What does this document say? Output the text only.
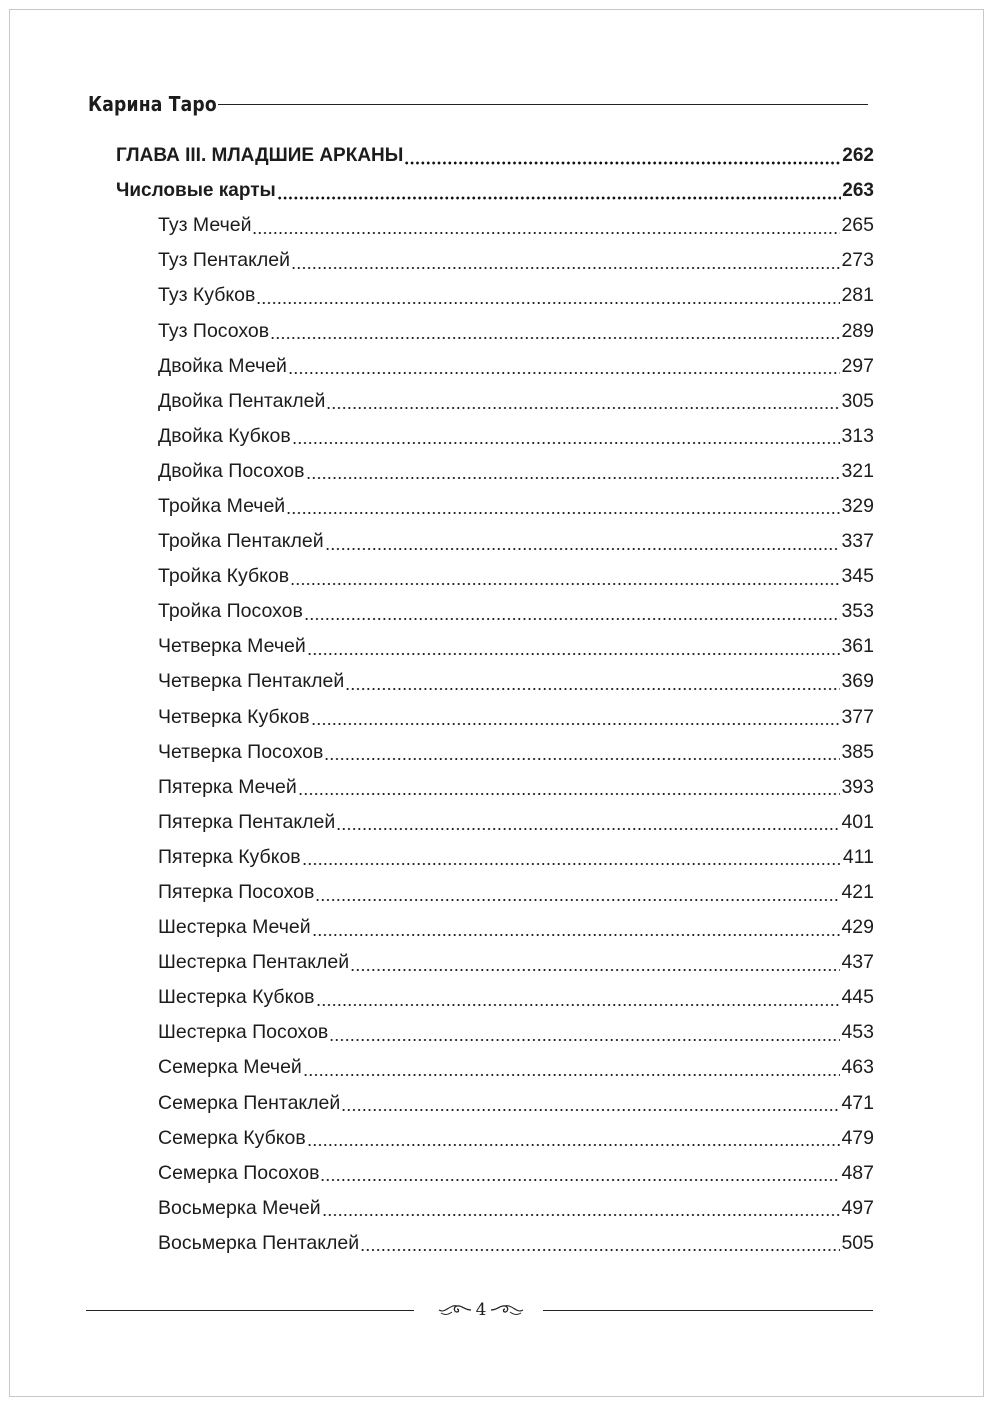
Карина Таро
ГЛАВА III. МЛАДШИЕ АРКАНЫ	262
Числовые карты	263
Туз Мечей	265
Туз Пентаклей	273
Туз Кубков	281
Туз Посохов	289
Двойка Мечей	297
Двойка Пентаклей	305
Двойка Кубков	313
Двойка Посохов	321
Тройка Мечей	329
Тройка Пентаклей	337
Тройка Кубков	345
Тройка Посохов	353
Четверка Мечей	361
Четверка Пентаклей	369
Четверка Кубков	377
Четверка Посохов	385
Пятерка Мечей	393
Пятерка Пентаклей	401
Пятерка Кубков	411
Пятерка Посохов	421
Шестерка Мечей	429
Шестерка Пентаклей	437
Шестерка Кубков	445
Шестерка Посохов	453
Семерка Мечей	463
Семерка Пентаклей	471
Семерка Кубков	479
Семерка Посохов	487
Восьмерка Мечей	497
Восьмерка Пентаклей	505
4
